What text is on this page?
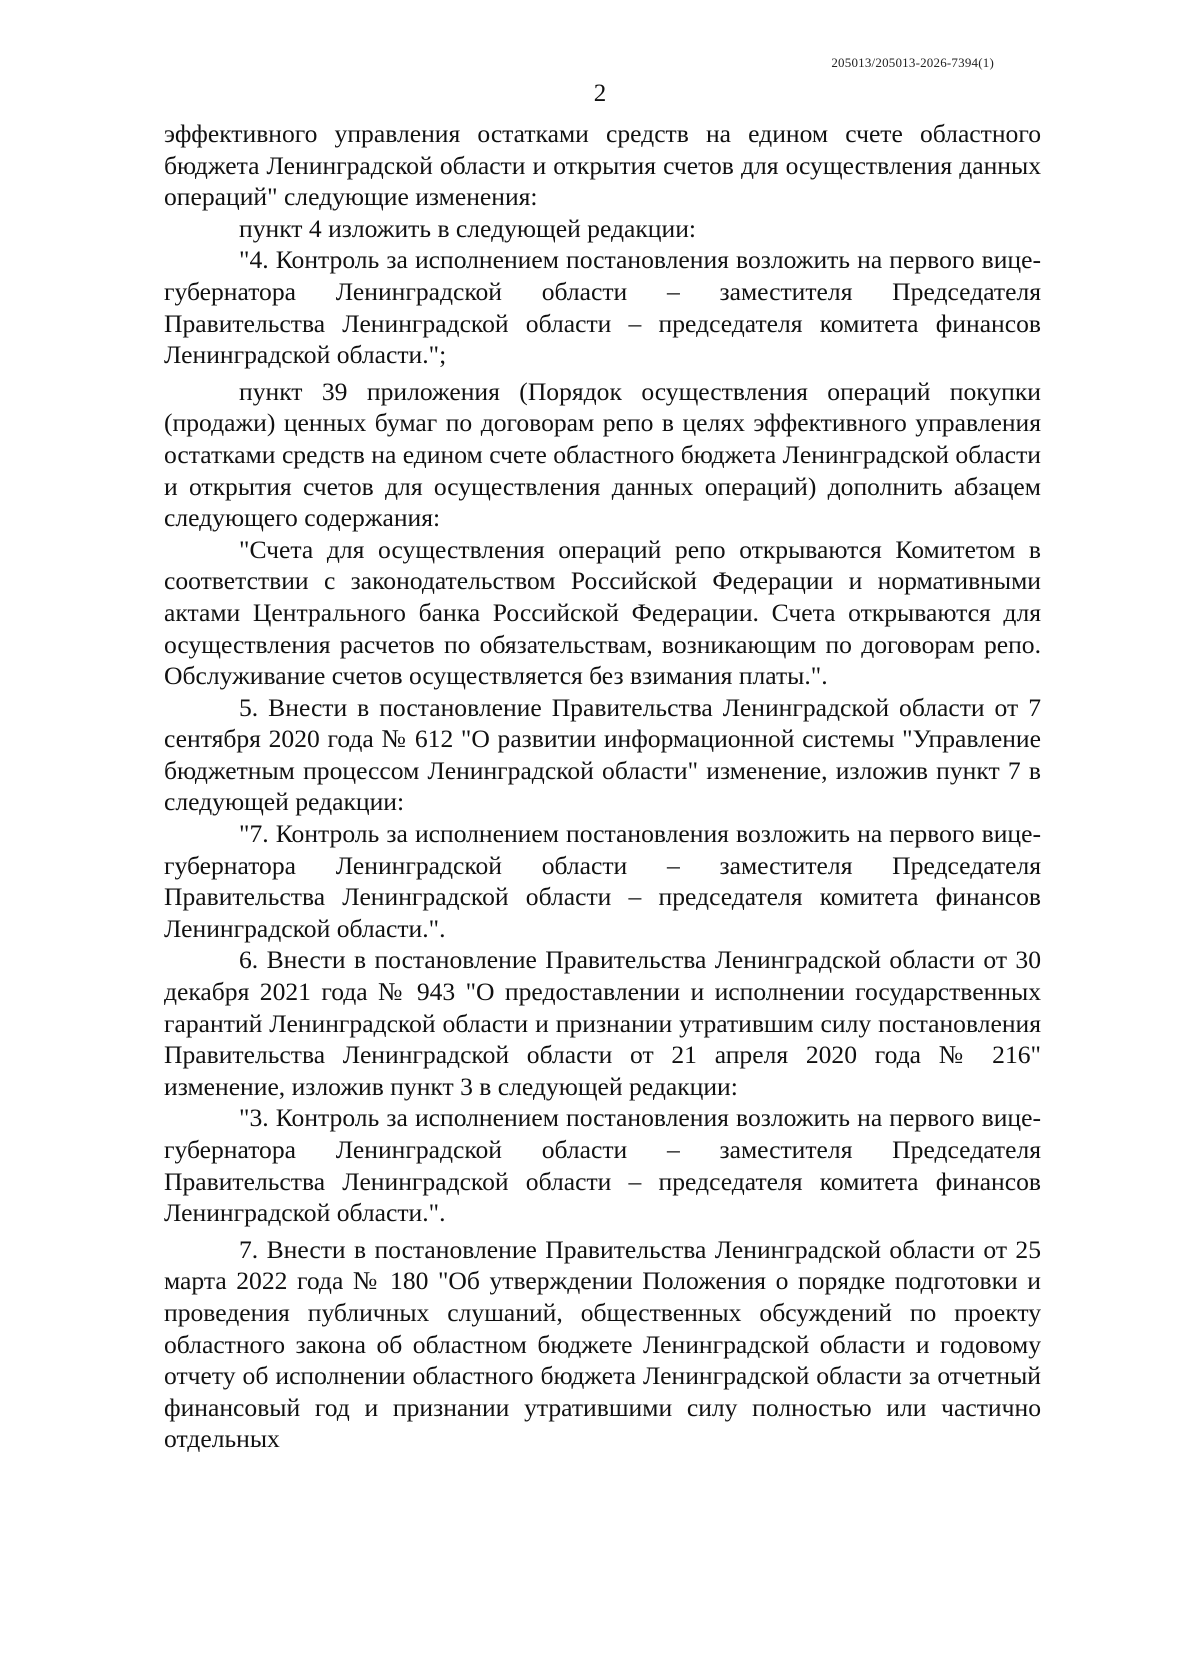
205013/205013-2026-7394(1)
2

эффективного управления остатками средств на едином счете областного бюджета Ленинградской области и открытия счетов для осуществления данных операций" следующие изменения:

пункт 4 изложить в следующей редакции:

"4. Контроль за исполнением постановления возложить на первого вице-губернатора Ленинградской области – заместителя Председателя Правительства Ленинградской области – председателя комитета финансов Ленинградской области.";

пункт 39 приложения (Порядок осуществления операций покупки (продажи) ценных бумаг по договорам репо в целях эффективного управления остатками средств на едином счете областного бюджета Ленинградской области и открытия счетов для осуществления данных операций) дополнить абзацем следующего содержания:

"Счета для осуществления операций репо открываются Комитетом в соответствии с законодательством Российской Федерации и нормативными актами Центрального банка Российской Федерации. Счета открываются для осуществления расчетов по обязательствам, возникающим по договорам репо. Обслуживание счетов осуществляется без взимания платы.".

5. Внести в постановление Правительства Ленинградской области от 7 сентября 2020 года № 612 "О развитии информационной системы "Управление бюджетным процессом Ленинградской области" изменение, изложив пункт 7 в следующей редакции:

"7. Контроль за исполнением постановления возложить на первого вице-губернатора Ленинградской области – заместителя Председателя Правительства Ленинградской области – председателя комитета финансов Ленинградской области.".

6. Внести в постановление Правительства Ленинградской области от 30 декабря 2021 года № 943 "О предоставлении и исполнении государственных гарантий Ленинградской области и признании утратившим силу постановления Правительства Ленинградской области от 21 апреля 2020 года № 216" изменение, изложив пункт 3 в следующей редакции:

"3. Контроль за исполнением постановления возложить на первого вице-губернатора Ленинградской области – заместителя Председателя Правительства Ленинградской области – председателя комитета финансов Ленинградской области.".

7. Внести в постановление Правительства Ленинградской области от 25 марта 2022 года № 180 "Об утверждении Положения о порядке подготовки и проведения публичных слушаний, общественных обсуждений по проекту областного закона об областном бюджете Ленинградской области и годовому отчету об исполнении областного бюджета Ленинградской области за отчетный финансовый год и признании утратившими силу полностью или частично отдельных
